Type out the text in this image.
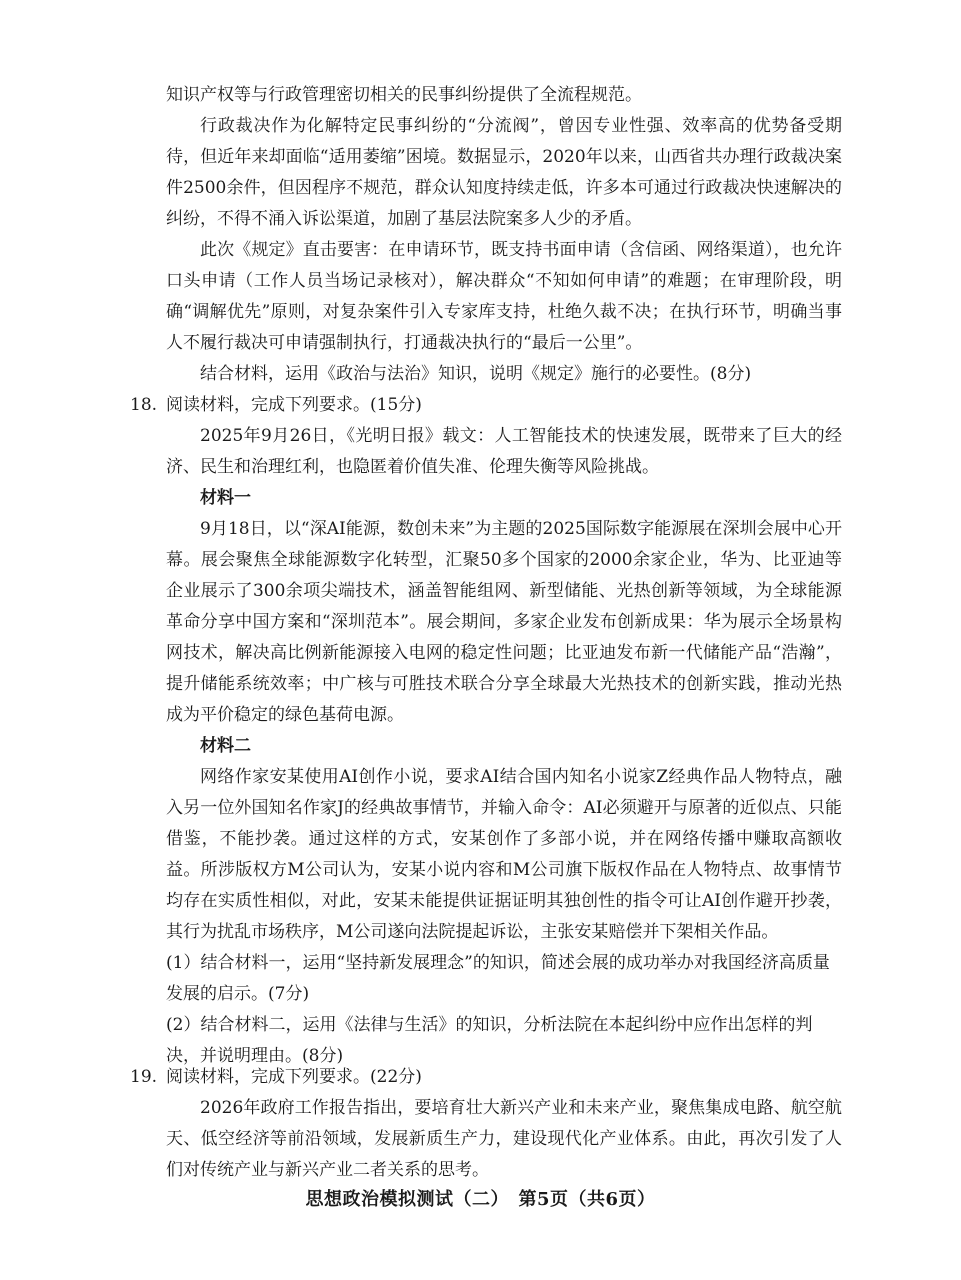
知识产权等与行政管理密切相关的民事纠纷提供了全流程规范。

行政裁决作为化解特定民事纠纷的“分流阀”，曾因专业性强、效率高的优势备受期待，但近年来却面临“适用萎缩”困境。数据显示，2020年以来，山西省共办理行政裁决案件2500余件，但因程序不规范，群众认知度持续走低，许多本可通过行政裁决快速解决的纠纷，不得不涌入诉讼渠道，加剧了基层法院案多人少的矛盾。

此次《规定》直击要害：在申请环节，既支持书面申请（含信函、网络渠道），也允许口头申请（工作人员当场记录核对），解决群众“不知如何申请”的难题；在审理阶段，明确“调解优先”原则，对复杂案件引入专家库支持，杜绝久裁不决；在执行环节，明确当事人不履行裁决可申请强制执行，打通裁决执行的“最后一公里”。

结合材料，运用《政治与法治》知识，说明《规定》施行的必要性。(8分)

18. 阅读材料，完成下列要求。(15分)

2025年9月26日，《光明日报》载文：人工智能技术的快速发展，既带来了巨大的经济、民生和治理红利，也隐匿着价值失准、伦理失衡等风险挑战。

材料一

9月18日，以“深AI能源，数创未来”为主题的2025国际数字能源展在深圳会展中心开幕。展会聚焦全球能源数字化转型，汇聚50多个国家的2000余家企业，华为、比亚迪等企业展示了300余项尖端技术，涵盖智能组网、新型储能、光热创新等领域，为全球能源革命分享中国方案和“深圳范本”。展会期间，多家企业发布创新成果：华为展示全场景构网技术，解决高比例新能源接入电网的稳定性问题；比亚迪发布新一代储能产品“浩瀚”，提升储能系统效率；中广核与可胜技术联合分享全球最大光热技术的创新实践，推动光热成为平价稳定的绿色基荷电源。

材料二

网络作家安某使用AI创作小说，要求AI结合国内知名小说家Z经典作品人物特点，融入另一位外国知名作家J的经典故事情节，并输入命令：AI必须避开与原著的近似点、只能借鉴，不能抄袭。通过这样的方式，安某创作了多部小说，并在网络传播中赚取高额收益。所涉版权方M公司认为，安某小说内容和M公司旗下版权作品在人物特点、故事情节均存在实质性相似，对此，安某未能提供证据证明其独创性的指令可让AI创作避开抄袭，其行为扰乱市场秩序，M公司遂向法院提起诉讼，主张安某赔偿并下架相关作品。

(1）结合材料一，运用“坚持新发展理念”的知识，简述会展的成功举办对我国经济高质量发展的启示。(7分)

(2）结合材料二，运用《法律与生活》的知识，分析法院在本起纠纷中应作出怎样的判决，并说明理由。(8分)

19. 阅读材料，完成下列要求。(22分)

2026年政府工作报告指出，要培育壮大新兴产业和未来产业，聚焦集成电路、航空航天、低空经济等前沿领域，发展新质生产力，建设现代化产业体系。由此，再次引发了人们对传统产业与新兴产业二者关系的思考。

思想政治模拟测试（二）　第5页（共6页）
